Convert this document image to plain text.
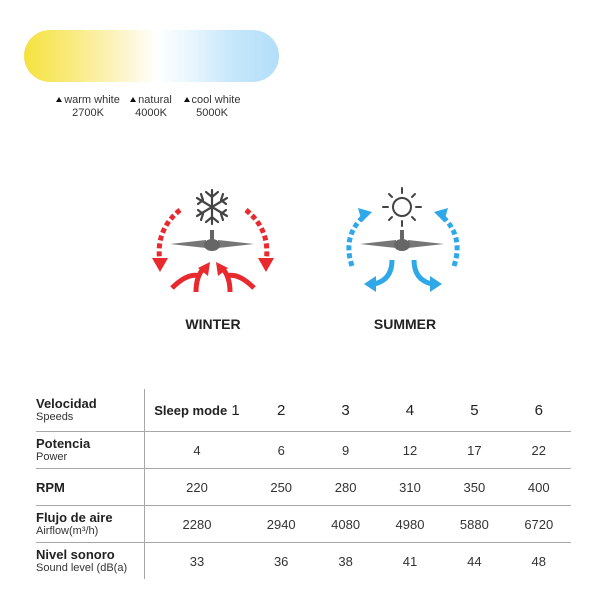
warm white
2700K
natural
4000K
cool white
5000K
WINTER	SUMMER
Velocidad
Speeds	Sleep mode 1	2	3	4	5	6

Potencia
Power	4	6	9	12	17	22

RPM	220	250	280	310	350	400

Flujo de aire
Airflow(m³/h)	2280	2940	4080	4980	5880	6720

Nivel sonoro
Sound level (dB(a)	33	36	38	41	44	48
